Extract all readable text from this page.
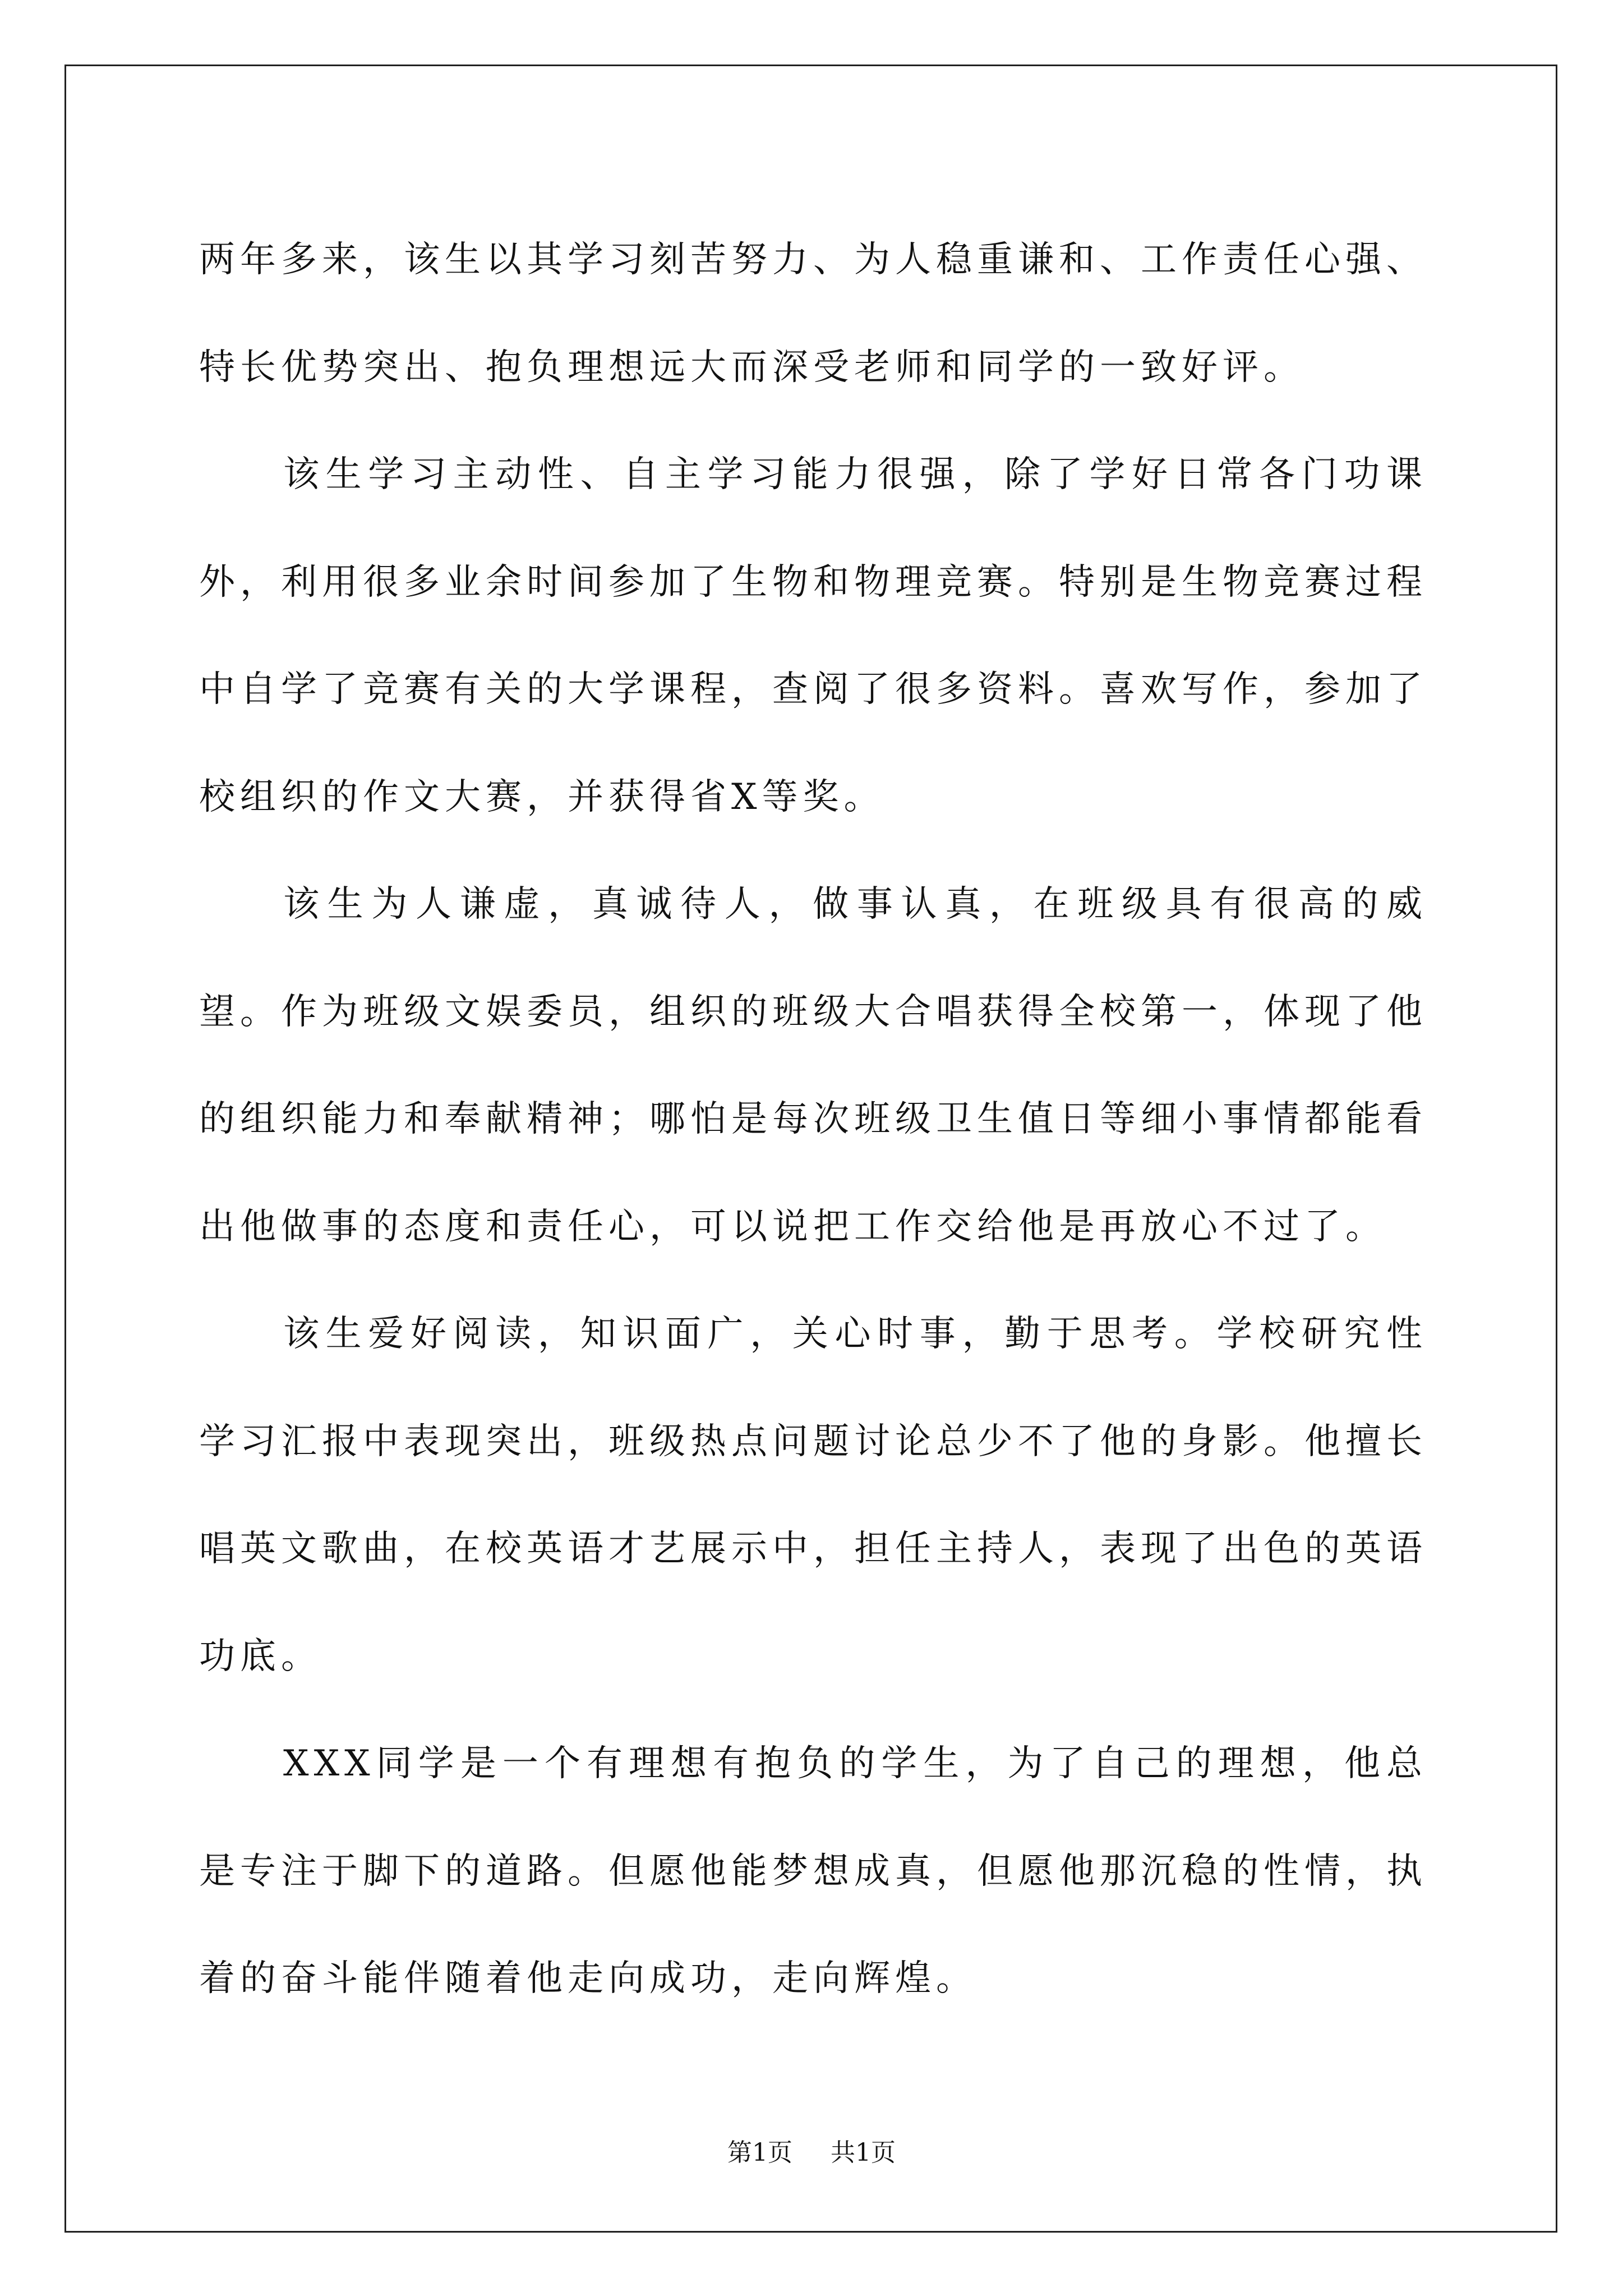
两年多来，该生以其学习刻苦努力、为人稳重谦和、工作责任心强、特长优势突出、抱负理想远大而深受老师和同学的一致好评。

该生学习主动性、自主学习能力很强，除了学好日常各门功课外，利用很多业余时间参加了生物和物理竞赛。特别是生物竞赛过程中自学了竞赛有关的大学课程，查阅了很多资料。喜欢写作，参加了校组织的作文大赛，并获得省X等奖。

该生为人谦虚，真诚待人，做事认真，在班级具有很高的威望。作为班级文娱委员，组织的班级大合唱获得全校第一，体现了他的组织能力和奉献精神；哪怕是每次班级卫生值日等细小事情都能看出他做事的态度和责任心，可以说把工作交给他是再放心不过了。

该生爱好阅读，知识面广，关心时事，勤于思考。学校研究性学习汇报中表现突出，班级热点问题讨论总少不了他的身影。他擅长唱英文歌曲，在校英语才艺展示中，担任主持人，表现了出色的英语功底。

XXX同学是一个有理想有抱负的学生，为了自己的理想，他总是专注于脚下的道路。但愿他能梦想成真，但愿他那沉稳的性情，执着的奋斗能伴随着他走向成功，走向辉煌。

第1页 共1页
